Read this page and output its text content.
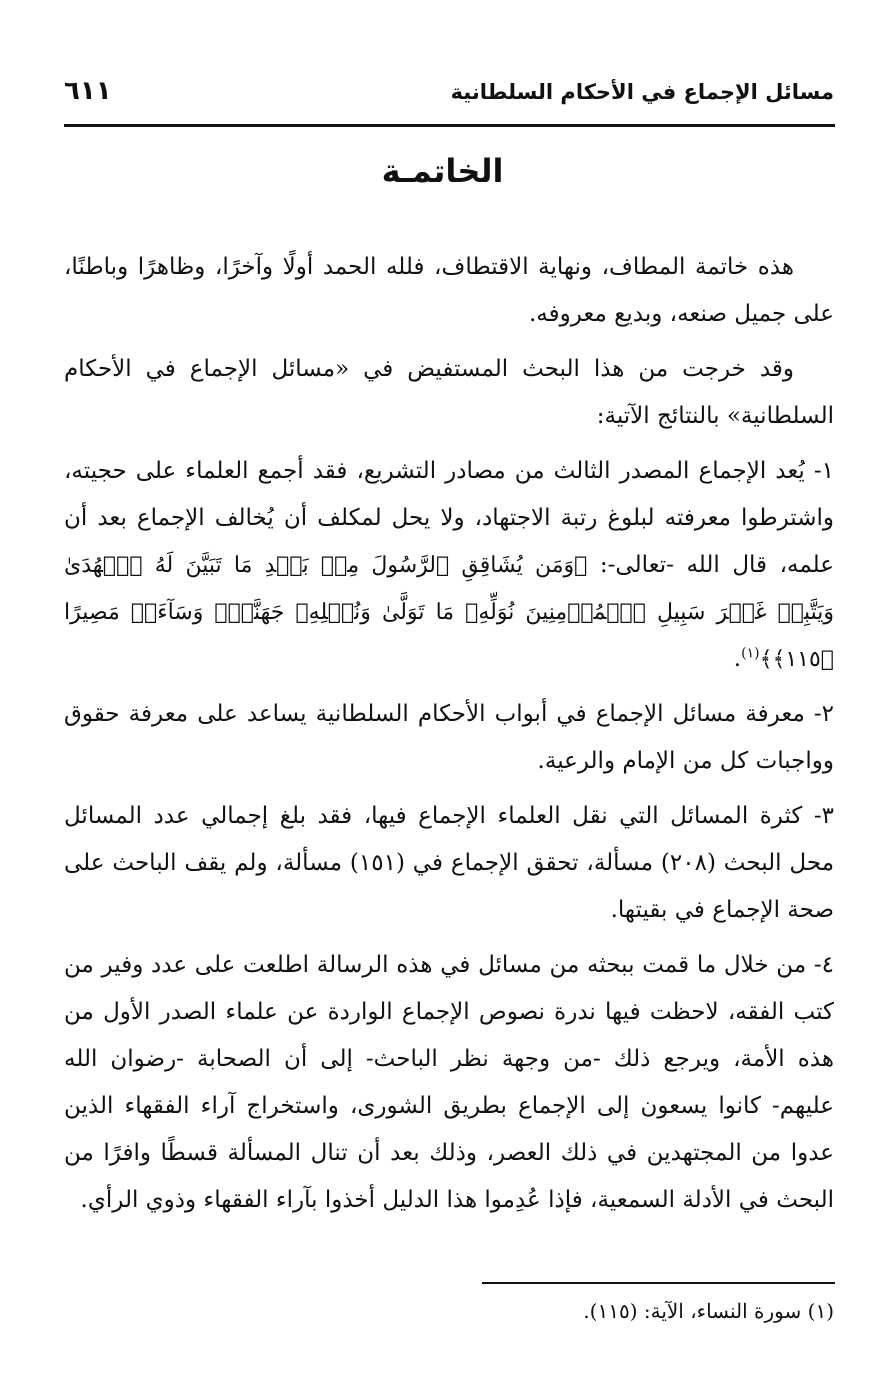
مسائل الإجماع في الأحكام السلطانية
٦١١
الخاتمـة

هذه خاتمة المطاف، ونهاية الاقتطاف، فلله الحمد أولًا وآخرًا، وظاهرًا وباطنًا، على جميل صنعه، وبديع معروفه.

وقد خرجت من هذا البحث المستفيض في «مسائل الإجماع في الأحكام السلطانية» بالنتائج الآتية:

١- يُعد الإجماع المصدر الثالث من مصادر التشريع، فقد أجمع العلماء على حجيته، واشترطوا معرفته لبلوغ رتبة الاجتهاد، ولا يحل لمكلف أن يُخالف الإجماع بعد أن علمه، قال الله -تعالى-: ﴿وَمَن يُشَاقِقِ ٱلرَّسُولَ مِنۢ بَعۡدِ مَا تَبَيَّنَ لَهُ ٱلۡهُدَىٰ وَيَتَّبِعۡ غَيۡرَ سَبِيلِ ٱلۡمُؤۡمِنِينَ نُوَلِّهِۦ مَا تَوَلَّىٰ وَنُصۡلِهِۦ جَهَنَّمَۖ وَسَآءَتۡ مَصِيرًا ﴿١١٥﴾﴾$^{(١)}$.

٢- معرفة مسائل الإجماع في أبواب الأحكام السلطانية يساعد على معرفة حقوق وواجبات كل من الإمام والرعية.

٣- كثرة المسائل التي نقل العلماء الإجماع فيها، فقد بلغ إجمالي عدد المسائل محل البحث (٢٠٨) مسألة، تحقق الإجماع في (١٥١) مسألة، ولم يقف الباحث على صحة الإجماع في بقيتها.

٤- من خلال ما قمت ببحثه من مسائل في هذه الرسالة اطلعت على عدد وفير من كتب الفقه، لاحظت فيها ندرة نصوص الإجماع الواردة عن علماء الصدر الأول من هذه الأمة، ويرجع ذلك -من وجهة نظر الباحث- إلى أن الصحابة -رضوان الله عليهم- كانوا يسعون إلى الإجماع بطريق الشورى، واستخراج آراء الفقهاء الذين عدوا من المجتهدين في ذلك العصر، وذلك بعد أن تنال المسألة قسطًا وافرًا من البحث في الأدلة السمعية، فإذا عُدِموا هذا الدليل أخذوا بآراء الفقهاء وذوي الرأي.

(١) سورة النساء، الآية: (١١٥).
